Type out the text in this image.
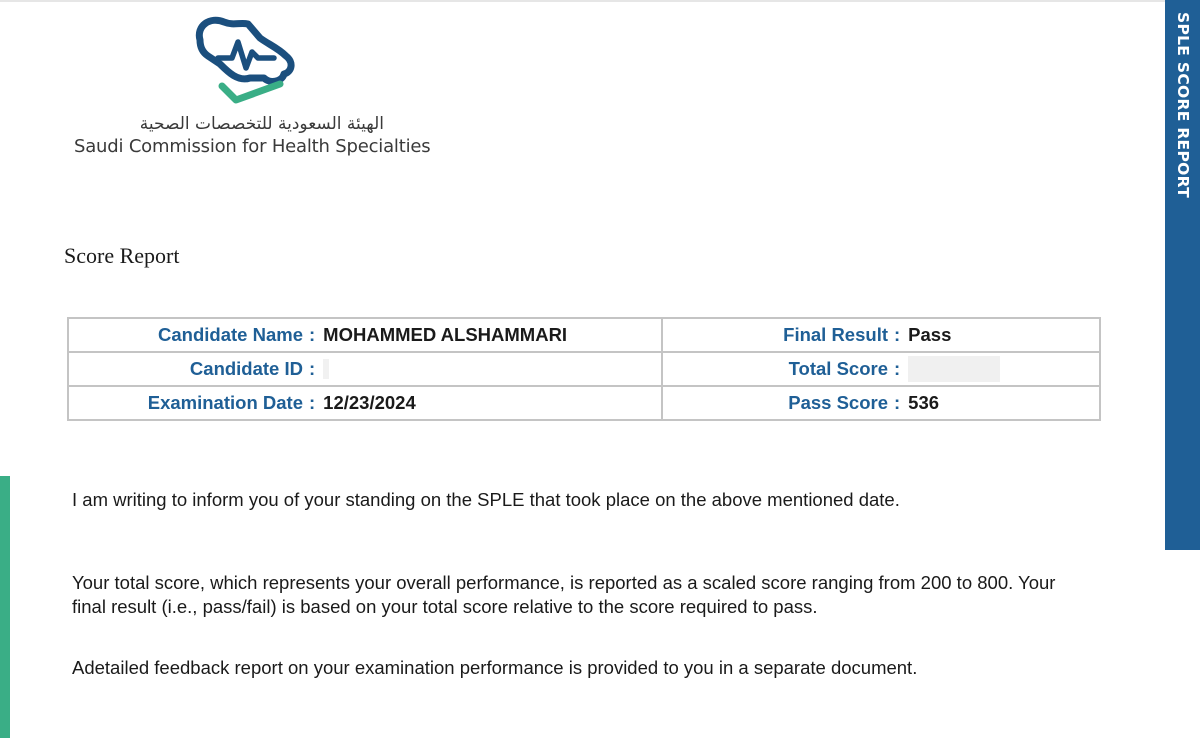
الهيئة السعودية للتخصصات الصحية
Saudi Commission for Health Specialties	SPLE SCORE REPORT
Score Report
Candidate Name : MOHAMMED ALSHAMMARI	Final Result : Pass

Candidate ID :	Total Score :

Examination Date : 12/23/2024	Pass Score : 536
I am writing to inform you of your standing on the SPLE that took place on the above mentioned date.
Your total score, which represents your overall performance, is reported as a scaled score ranging from 200 to 800. Your final result (i.e., pass/fail) is based on your total score relative to the score required to pass.
Adetailed feedback report on your examination performance is provided to you in a separate document.
